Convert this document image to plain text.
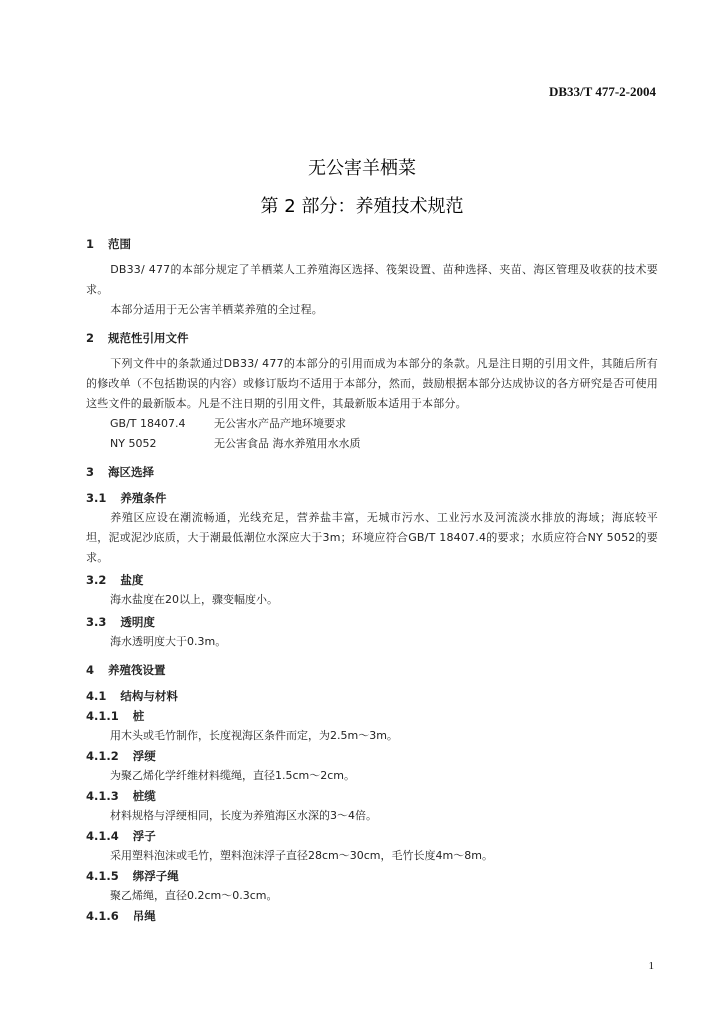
DB33/T 477-2-2004
无公害羊栖菜
第 2 部分：养殖技术规范
1 范围
DB33/ 477的本部分规定了羊栖菜人工养殖海区选择、筏架设置、苗种选择、夹苗、海区管理及收获的技术要求。
本部分适用于无公害羊栖菜养殖的全过程。
2 规范性引用文件
下列文件中的条款通过DB33/ 477的本部分的引用而成为本部分的条款。凡是注日期的引用文件，其随后所有的修改单（不包括勘误的内容）或修订版均不适用于本部分，然而，鼓励根据本部分达成协议的各方研究是否可使用这些文件的最新版本。凡是不注日期的引用文件，其最新版本适用于本部分。
GB/T 18407.4	无公害水产品产地环境要求
NY 5052	无公害食品 海水养殖用水水质
3 海区选择
3.1 养殖条件
养殖区应设在潮流畅通，光线充足，营养盐丰富，无城市污水、工业污水及河流淡水排放的海域；海底较平坦，泥或泥沙底质，大于潮最低潮位水深应大于3m；环境应符合GB/T 18407.4的要求；水质应符合NY 5052的要求。
3.2 盐度
海水盐度在20以上，骤变幅度小。
3.3 透明度
海水透明度大于0.3m。
4 养殖筏设置
4.1 结构与材料
4.1.1 桩
用木头或毛竹制作，长度视海区条件而定，为2.5m～3m。
4.1.2 浮绠
为聚乙烯化学纤维材料缆绳，直径1.5cm～2cm。
4.1.3 桩缆
材料规格与浮绠相同，长度为养殖海区水深的3～4倍。
4.1.4 浮子
采用塑料泡沫或毛竹，塑料泡沫浮子直径28cm～30cm，毛竹长度4m～8m。
4.1.5 绑浮子绳
聚乙烯绳，直径0.2cm～0.3cm。
4.1.6 吊绳
1
